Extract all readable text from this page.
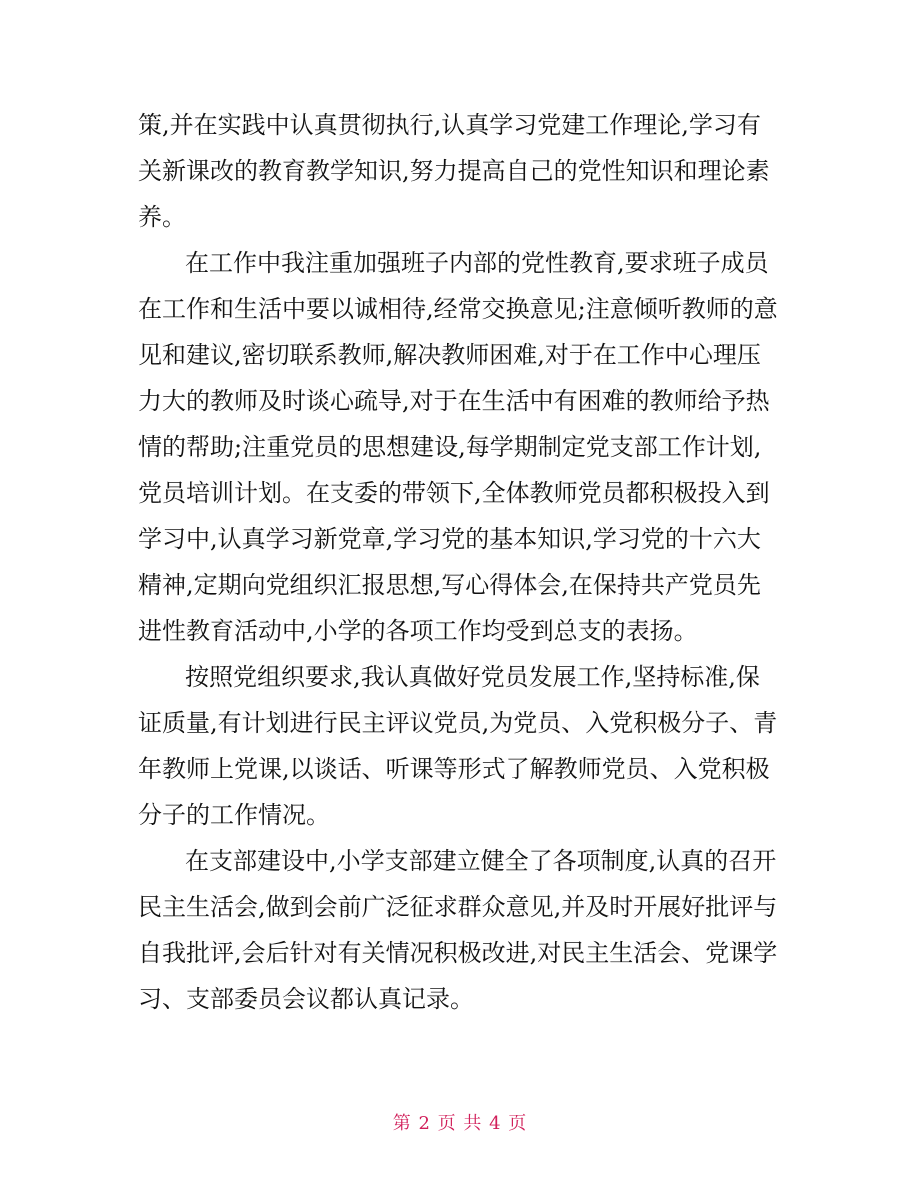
策,并在实践中认真贯彻执行,认真学习党建工作理论,学习有
关新课改的教育教学知识,努力提高自己的党性知识和理论素
养。
在工作中我注重加强班子内部的党性教育,要求班子成员
在工作和生活中要以诚相待,经常交换意见;注意倾听教师的意
见和建议,密切联系教师,解决教师困难,对于在工作中心理压
力大的教师及时谈心疏导,对于在生活中有困难的教师给予热
情的帮助;注重党员的思想建设,每学期制定党支部工作计划,
党员培训计划。在支委的带领下,全体教师党员都积极投入到
学习中,认真学习新党章,学习党的基本知识,学习党的十六大
精神,定期向党组织汇报思想,写心得体会,在保持共产党员先
进性教育活动中,小学的各项工作均受到总支的表扬。
按照党组织要求,我认真做好党员发展工作,坚持标准,保
证质量,有计划进行民主评议党员,为党员、入党积极分子、青
年教师上党课,以谈话、听课等形式了解教师党员、入党积极
分子的工作情况。
在支部建设中,小学支部建立健全了各项制度,认真的召开
民主生活会,做到会前广泛征求群众意见,并及时开展好批评与
自我批评,会后针对有关情况积极改进,对民主生活会、党课学
习、支部委员会议都认真记录。
第 2 页 共 4 页
